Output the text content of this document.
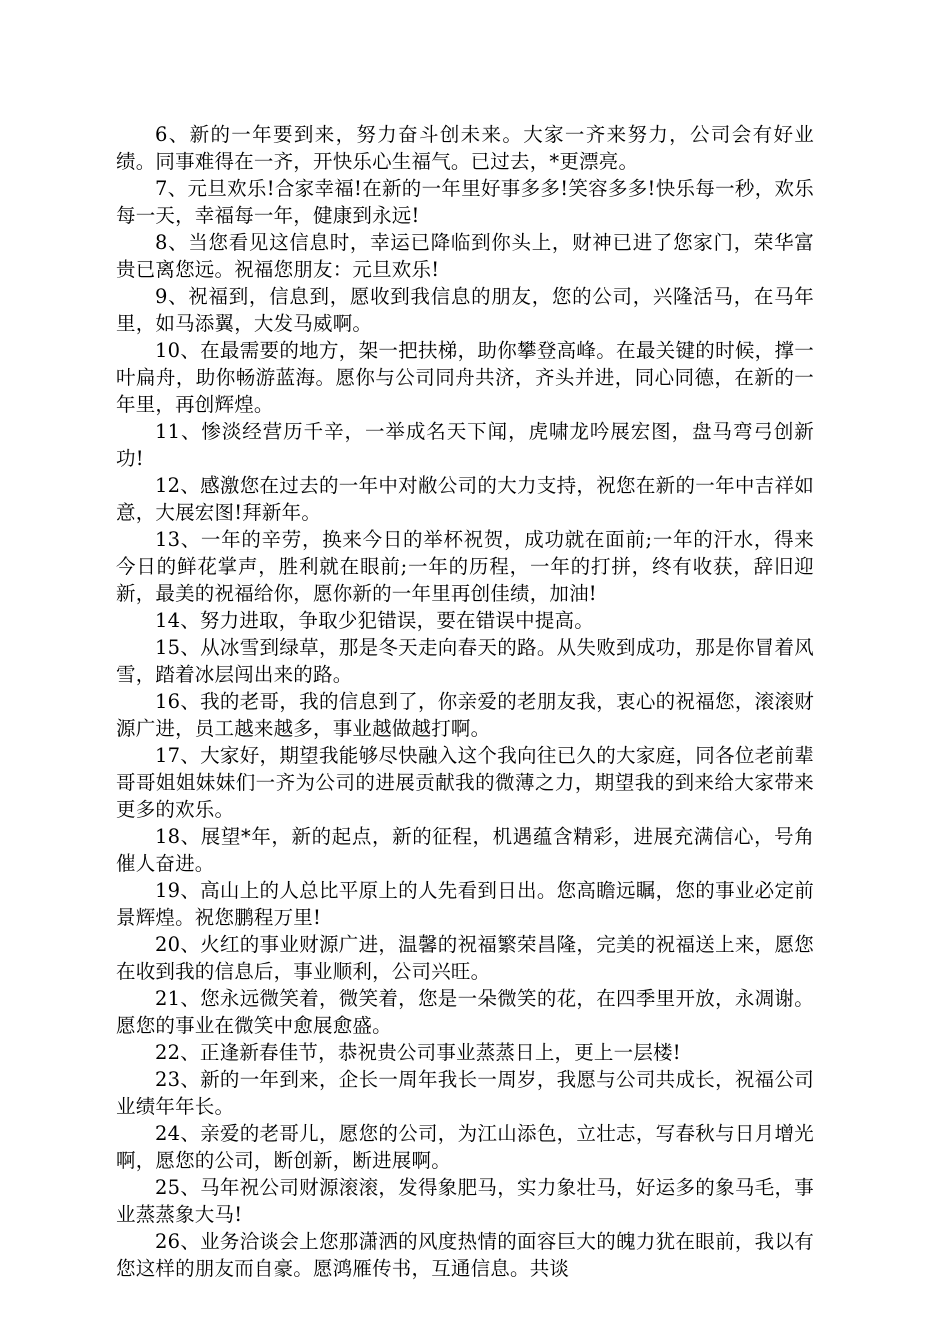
6、新的一年要到来，努力奋斗创未来。大家一齐来努力，公司会有好业绩。同事难得在一齐，开快乐心生福气。已过去，*更漂亮。

7、元旦欢乐!合家幸福!在新的一年里好事多多!笑容多多!快乐每一秒，欢乐每一天，幸福每一年，健康到永远!

8、当您看见这信息时，幸运已降临到你头上，财神已进了您家门，荣华富贵已离您远。祝福您朋友：元旦欢乐!

9、祝福到，信息到，愿收到我信息的朋友，您的公司，兴隆活马，在马年里，如马添翼，大发马威啊。

10、在最需要的地方，架一把扶梯，助你攀登高峰。在最关键的时候，撑一叶扁舟，助你畅游蓝海。愿你与公司同舟共济，齐头并进，同心同德，在新的一年里，再创辉煌。

11、惨淡经营历千辛，一举成名天下闻，虎啸龙吟展宏图，盘马弯弓创新功!

12、感激您在过去的一年中对敝公司的大力支持，祝您在新的一年中吉祥如意，大展宏图!拜新年。

13、一年的辛劳，换来今日的举杯祝贺，成功就在面前;一年的汗水，得来今日的鲜花掌声，胜利就在眼前;一年的历程，一年的打拼，终有收获，辞旧迎新，最美的祝福给你，愿你新的一年里再创佳绩，加油!

14、努力进取，争取少犯错误，要在错误中提高。

15、从冰雪到绿草，那是冬天走向春天的路。从失败到成功，那是你冒着风雪，踏着冰层闯出来的路。

16、我的老哥，我的信息到了，你亲爱的老朋友我，衷心的祝福您，滚滚财源广进，员工越来越多，事业越做越打啊。

17、大家好，期望我能够尽快融入这个我向往已久的大家庭，同各位老前辈哥哥姐姐妹妹们一齐为公司的进展贡献我的微薄之力，期望我的到来给大家带来更多的欢乐。

18、展望*年，新的起点，新的征程，机遇蕴含精彩，进展充满信心，号角催人奋进。

19、高山上的人总比平原上的人先看到日出。您高瞻远瞩，您的事业必定前景辉煌。祝您鹏程万里!

20、火红的事业财源广进，温馨的祝福繁荣昌隆，完美的祝福送上来，愿您在收到我的信息后，事业顺利，公司兴旺。

21、您永远微笑着，微笑着，您是一朵微笑的花，在四季里开放，永凋谢。愿您的事业在微笑中愈展愈盛。

22、正逢新春佳节，恭祝贵公司事业蒸蒸日上，更上一层楼!

23、新的一年到来，企长一周年我长一周岁，我愿与公司共成长，祝福公司业绩年年长。

24、亲爱的老哥儿，愿您的公司，为江山添色，立壮志，写春秋与日月增光啊，愿您的公司，断创新，断进展啊。

25、马年祝公司财源滚滚，发得象肥马，实力象壮马，好运多的象马毛，事业蒸蒸象大马!

26、业务洽谈会上您那潇洒的风度热情的面容巨大的魄力犹在眼前，我以有您这样的朋友而自豪。愿鸿雁传书，互通信息。共谈
